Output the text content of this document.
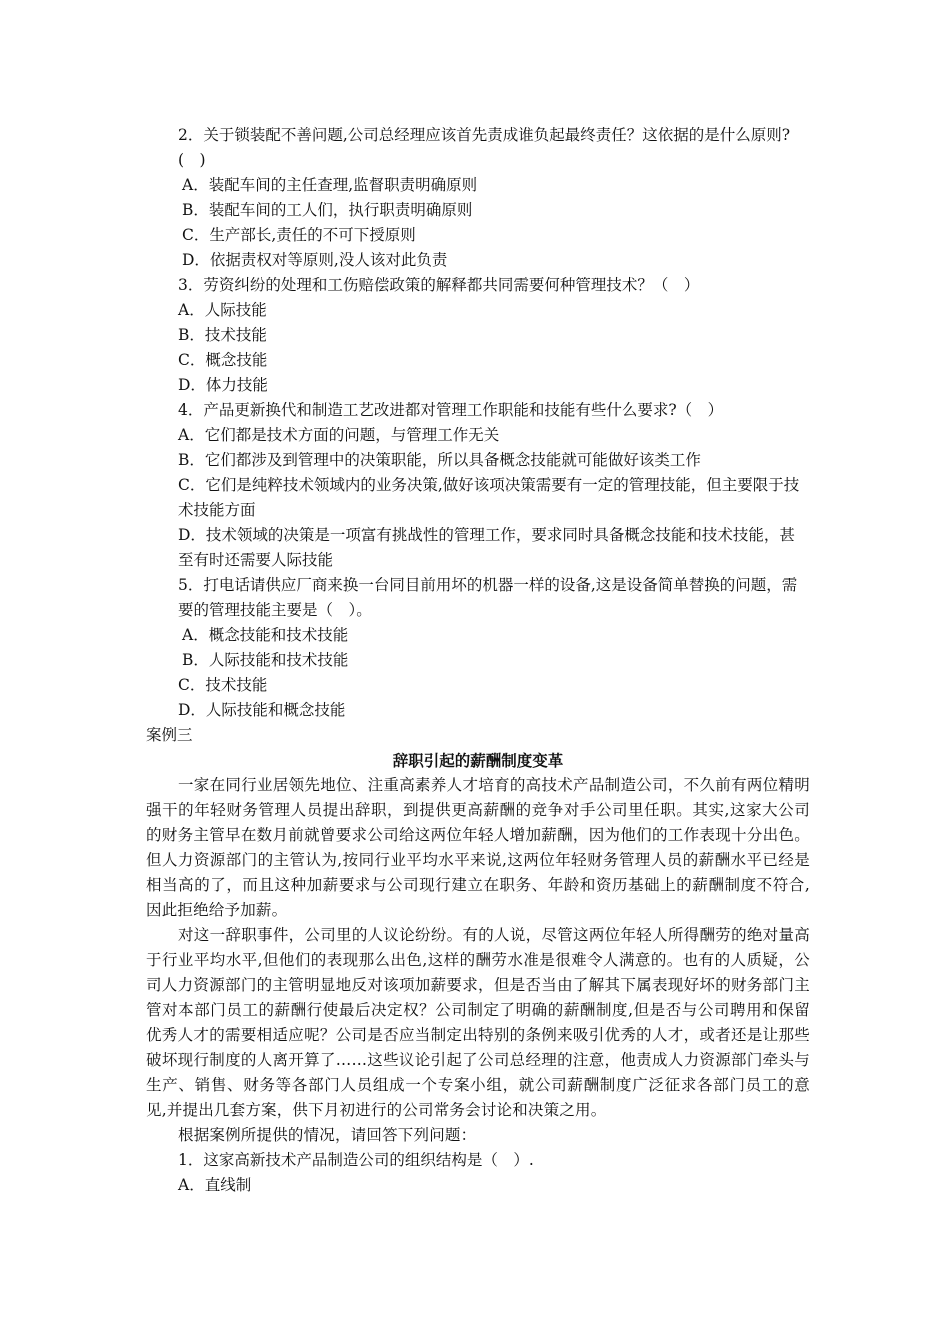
2．关于锁装配不善问题,公司总经理应该首先责成谁负起最终责任？这依据的是什么原则?(　)
A．装配车间的主任查理,监督职责明确原则
B．装配车间的工人们，执行职责明确原则
C．生产部长,责任的不可下授原则
D．依据责权对等原则,没人该对此负责
3．劳资纠纷的处理和工伤赔偿政策的解释都共同需要何种管理技术？（　）
A．人际技能
B．技术技能
C．概念技能
D．体力技能
4．产品更新换代和制造工艺改进都对管理工作职能和技能有些什么要求?（　）
A．它们都是技术方面的问题，与管理工作无关
B．它们都涉及到管理中的决策职能，所以具备概念技能就可能做好该类工作
C．它们是纯粹技术领域内的业务决策,做好该项决策需要有一定的管理技能，但主要限于技术技能方面
D．技术领域的决策是一项富有挑战性的管理工作，要求同时具备概念技能和技术技能，甚至有时还需要人际技能
5．打电话请供应厂商来换一台同目前用坏的机器一样的设备,这是设备简单替换的问题，需要的管理技能主要是（　）。
A．概念技能和技术技能
B．人际技能和技术技能
C．技术技能
D．人际技能和概念技能
案例三
辞职引起的薪酬制度变革
一家在同行业居领先地位、注重高素养人才培育的高技术产品制造公司，不久前有两位精明强干的年轻财务管理人员提出辞职，到提供更高薪酬的竞争对手公司里任职。其实,这家大公司的财务主管早在数月前就曾要求公司给这两位年轻人增加薪酬，因为他们的工作表现十分出色。但人力资源部门的主管认为,按同行业平均水平来说,这两位年轻财务管理人员的薪酬水平已经是相当高的了，而且这种加薪要求与公司现行建立在职务、年龄和资历基础上的薪酬制度不符合,因此拒绝给予加薪。
对这一辞职事件，公司里的人议论纷纷。有的人说，尽管这两位年轻人所得酬劳的绝对量高于行业平均水平,但他们的表现那么出色,这样的酬劳水准是很难令人满意的。也有的人质疑，公司人力资源部门的主管明显地反对该项加薪要求，但是否当由了解其下属表现好坏的财务部门主管对本部门员工的薪酬行使最后决定权？公司制定了明确的薪酬制度,但是否与公司聘用和保留优秀人才的需要相适应呢？公司是否应当制定出特别的条例来吸引优秀的人才，或者还是让那些破坏现行制度的人离开算了……这些议论引起了公司总经理的注意，他责成人力资源部门牵头与生产、销售、财务等各部门人员组成一个专案小组，就公司薪酬制度广泛征求各部门员工的意见,并提出几套方案，供下月初进行的公司常务会讨论和决策之用。
根据案例所提供的情况，请回答下列问题：
1．这家高新技术产品制造公司的组织结构是（　）.
A．直线制
